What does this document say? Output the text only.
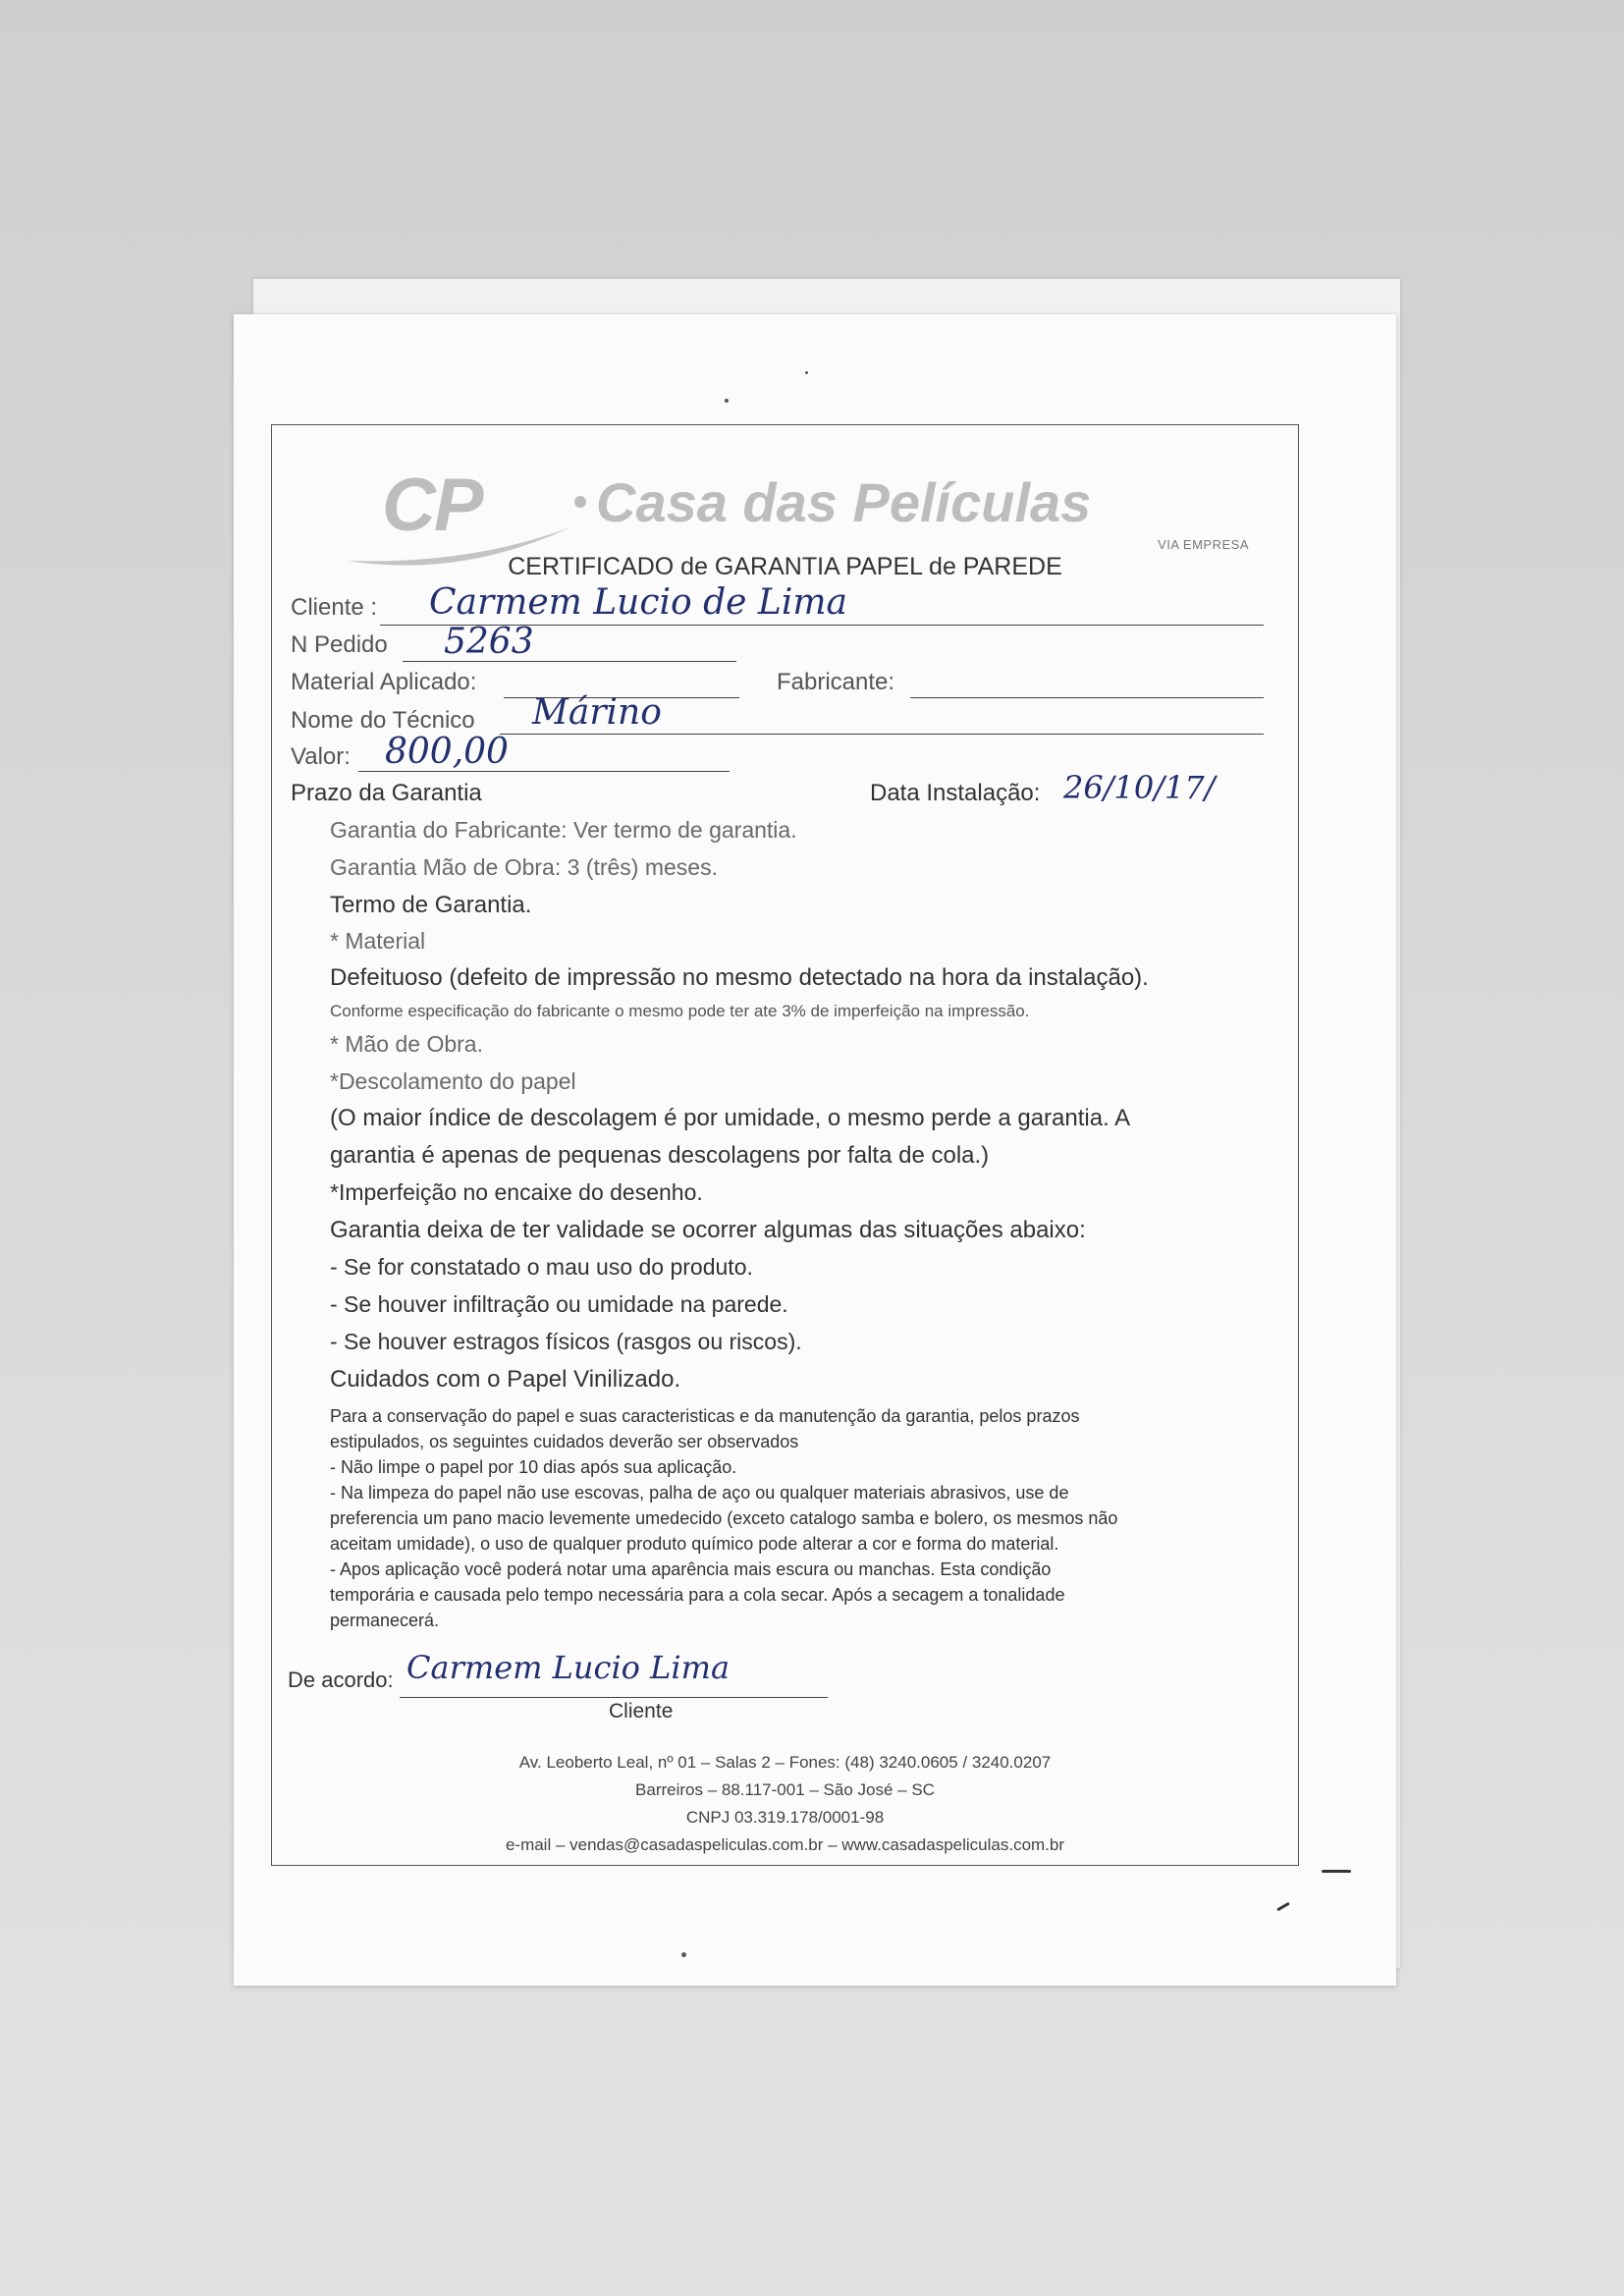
CP Casa das Películas
VIA EMPRESA
CERTIFICADO de GARANTIA PAPEL de PAREDE
Cliente : Carmem Lucio de Lima
N Pedido 5263
Material Aplicado:	Fabricante:
Nome do Técnico Márino
Valor: 800,00
Prazo da Garantia	Data Instalação: 26/10/17/
Garantia do Fabricante: Ver termo de garantia.
Garantia Mão de Obra: 3 (três) meses.
Termo de Garantia.
* Material
Defeituoso (defeito de impressão no mesmo detectado na hora da instalação).
Conforme especificação do fabricante o mesmo pode ter ate 3% de imperfeição na impressão.
* Mão de Obra.
*Descolamento do papel
(O maior índice de descolagem é por umidade, o mesmo perde a garantia. A
garantia é apenas de pequenas descolagens por falta de cola.)
*Imperfeição no encaixe do desenho.
Garantia deixa de ter validade se ocorrer algumas das situações abaixo:
- Se for constatado o mau uso do produto.
- Se houver infiltração ou umidade na parede.
- Se houver estragos físicos (rasgos ou riscos).
Cuidados com o Papel Vinilizado.
Para a conservação do papel e suas caracteristicas e da manutenção da garantia, pelos prazos
estipulados, os seguintes cuidados deverão ser observados
- Não limpe o papel por 10 dias após sua aplicação.
- Na limpeza do papel não use escovas, palha de aço ou qualquer materiais abrasivos, use de
preferencia um pano macio levemente umedecido (exceto catalogo samba e bolero, os mesmos não
aceitam umidade), o uso de qualquer produto químico pode alterar a cor e forma do material.
- Apos aplicação você poderá notar uma aparência mais escura ou manchas. Esta condição
temporária e causada pelo tempo necessária para a cola secar. Após a secagem a tonalidade
permanecerá.
De acordo: Carmem Lucio Lima
Cliente
Av. Leoberto Leal, nº 01 – Salas 2 – Fones: (48) 3240.0605 / 3240.0207
Barreiros – 88.117-001 – São José – SC
CNPJ 03.319.178/0001-98
e-mail – vendas@casadaspeliculas.com.br – www.casadaspeliculas.com.br
